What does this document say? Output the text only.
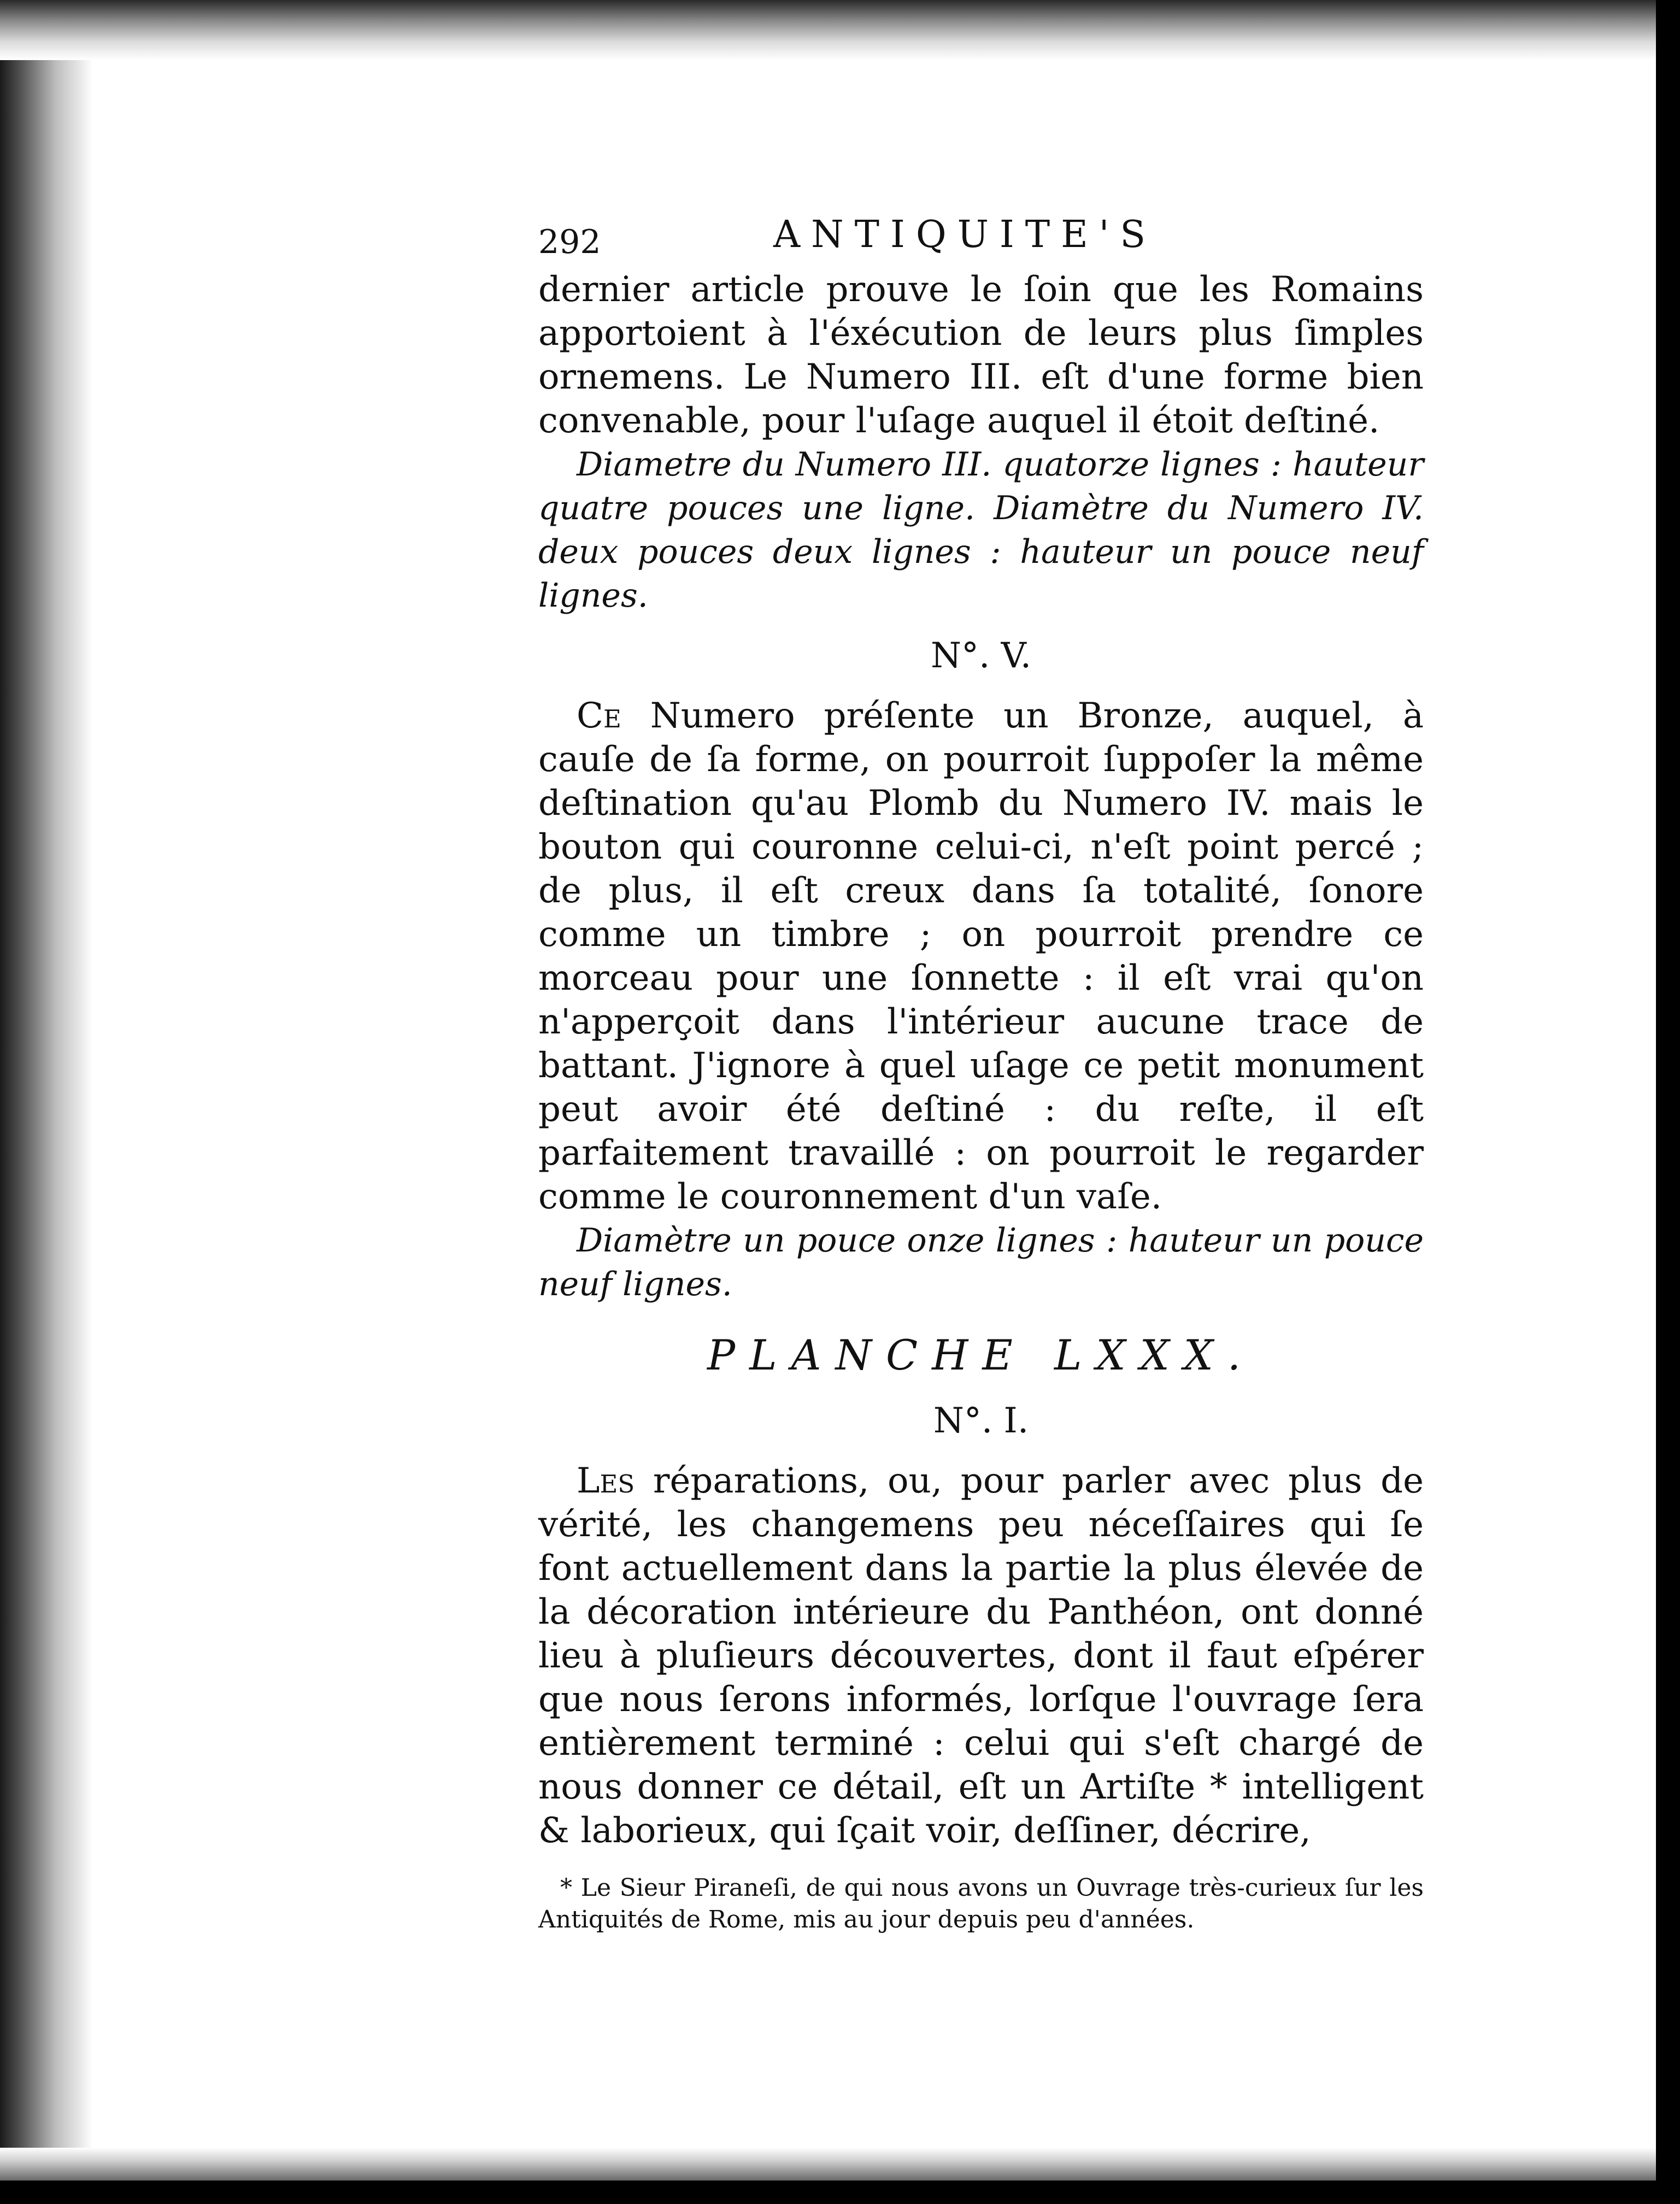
292	ANTIQUITE'S

dernier article prouve le ſoin que les Romains apportoient à l'éxécution de leurs plus ſimples ornemens. Le Numero III. eſt d'une forme bien convenable, pour l'uſage auquel il étoit deſtiné.

Diametre du Numero III. quatorze lignes : hauteur quatre pouces une ligne. Diamètre du Numero IV. deux pouces deux lignes : hauteur un pouce neuf lignes.

N°. V.

Ce Numero préſente un Bronze, auquel, à cauſe de ſa forme, on pourroit ſuppoſer la même deſtination qu'au Plomb du Numero IV. mais le bouton qui couronne celui-ci, n'eſt point percé ; de plus, il eſt creux dans ſa totalité, ſonore comme un timbre ; on pourroit prendre ce morceau pour une ſonnette : il eſt vrai qu'on n'apperçoit dans l'intérieur aucune trace de battant. J'ignore à quel uſage ce petit monument peut avoir été deſtiné : du reſte, il eſt parfaitement travaillé : on pourroit le regarder comme le couronnement d'un vaſe.

Diamètre un pouce onze lignes : hauteur un pouce neuf lignes.

PLANCHE LXXX.
N°. I.

Les réparations, ou, pour parler avec plus de vérité, les changemens peu néceſſaires qui ſe font actuellement dans la partie la plus élevée de la décoration intérieure du Panthéon, ont donné lieu à pluſieurs découvertes, dont il faut eſpérer que nous ſerons informés, lorſque l'ouvrage ſera entièrement terminé : celui qui s'eſt chargé de nous donner ce détail, eſt un Artiſte * intelligent & laborieux, qui ſçait voir, deſſiner, décrire,

* Le Sieur Piraneſi, de qui nous avons un Ouvrage très-curieux ſur les Antiquités de Rome, mis au jour depuis peu d'années.
